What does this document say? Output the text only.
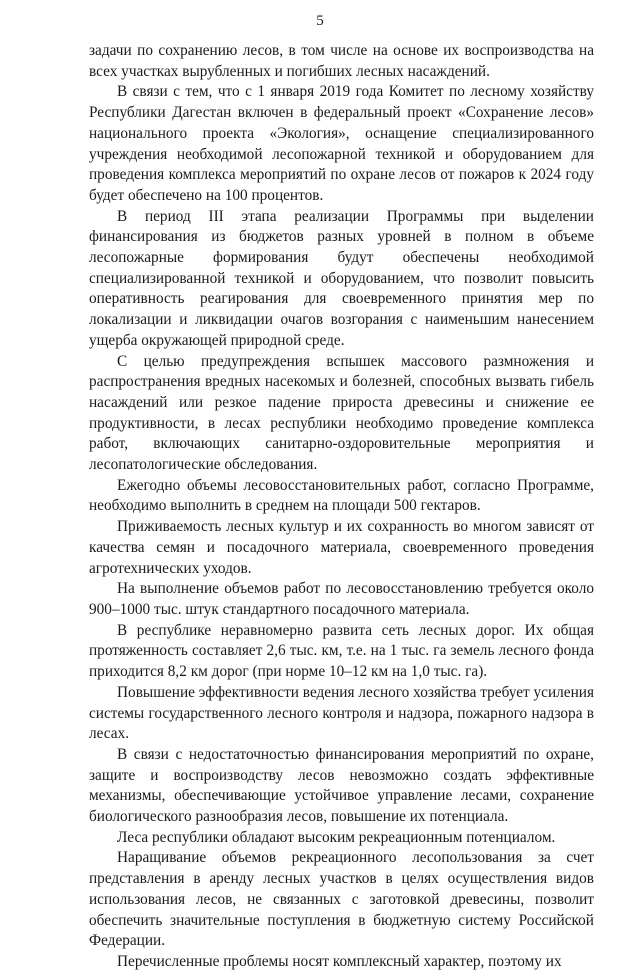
5

задачи по сохранению лесов, в том числе на основе их воспроизводства на всех участках вырубленных и погибших лесных насаждений.

В связи с тем, что с 1 января 2019 года Комитет по лесному хозяйству Республики Дагестан включен в федеральный проект «Сохранение лесов» национального проекта «Экология», оснащение специализированного учреждения необходимой лесопожарной техникой и оборудованием для проведения комплекса мероприятий по охране лесов от пожаров к 2024 году будет обеспечено на 100 процентов.

В период III этапа реализации Программы при выделении финансирования из бюджетов разных уровней в полном в объеме лесопожарные формирования будут обеспечены необходимой специализированной техникой и оборудованием, что позволит повысить оперативность реагирования для своевременного принятия мер по локализации и ликвидации очагов возгорания с наименьшим нанесением ущерба окружающей природной среде.

С целью предупреждения вспышек массового размножения и распространения вредных насекомых и болезней, способных вызвать гибель насаждений или резкое падение прироста древесины и снижение ее продуктивности, в лесах республики необходимо проведение комплекса работ, включающих санитарно-оздоровительные мероприятия и лесопатологические обследования.

Ежегодно объемы лесовосстановительных работ, согласно Программе, необходимо выполнить в среднем на площади 500 гектаров.

Приживаемость лесных культур и их сохранность во многом зависят от качества семян и посадочного материала, своевременного проведения агротехнических уходов.

На выполнение объемов работ по лесовосстановлению требуется около 900–1000 тыс. штук стандартного посадочного материала.

В республике неравномерно развита сеть лесных дорог. Их общая протяженность составляет 2,6 тыс. км, т.е. на 1 тыс. га земель лесного фонда приходится 8,2 км дорог (при норме 10–12 км на 1,0 тыс. га).

Повышение эффективности ведения лесного хозяйства требует усиления системы государственного лесного контроля и надзора, пожарного надзора в лесах.

В связи с недостаточностью финансирования мероприятий по охране, защите и воспроизводству лесов невозможно создать эффективные механизмы, обеспечивающие устойчивое управление лесами, сохранение биологического разнообразия лесов, повышение их потенциала.

Леса республики обладают высоким рекреационным потенциалом.

Наращивание объемов рекреационного лесопользования за счет представления в аренду лесных участков в целях осуществления видов использования лесов, не связанных с заготовкой древесины, позволит обеспечить значительные поступления в бюджетную систему Российской Федерации.

Перечисленные проблемы носят комплексный характер, поэтому их
